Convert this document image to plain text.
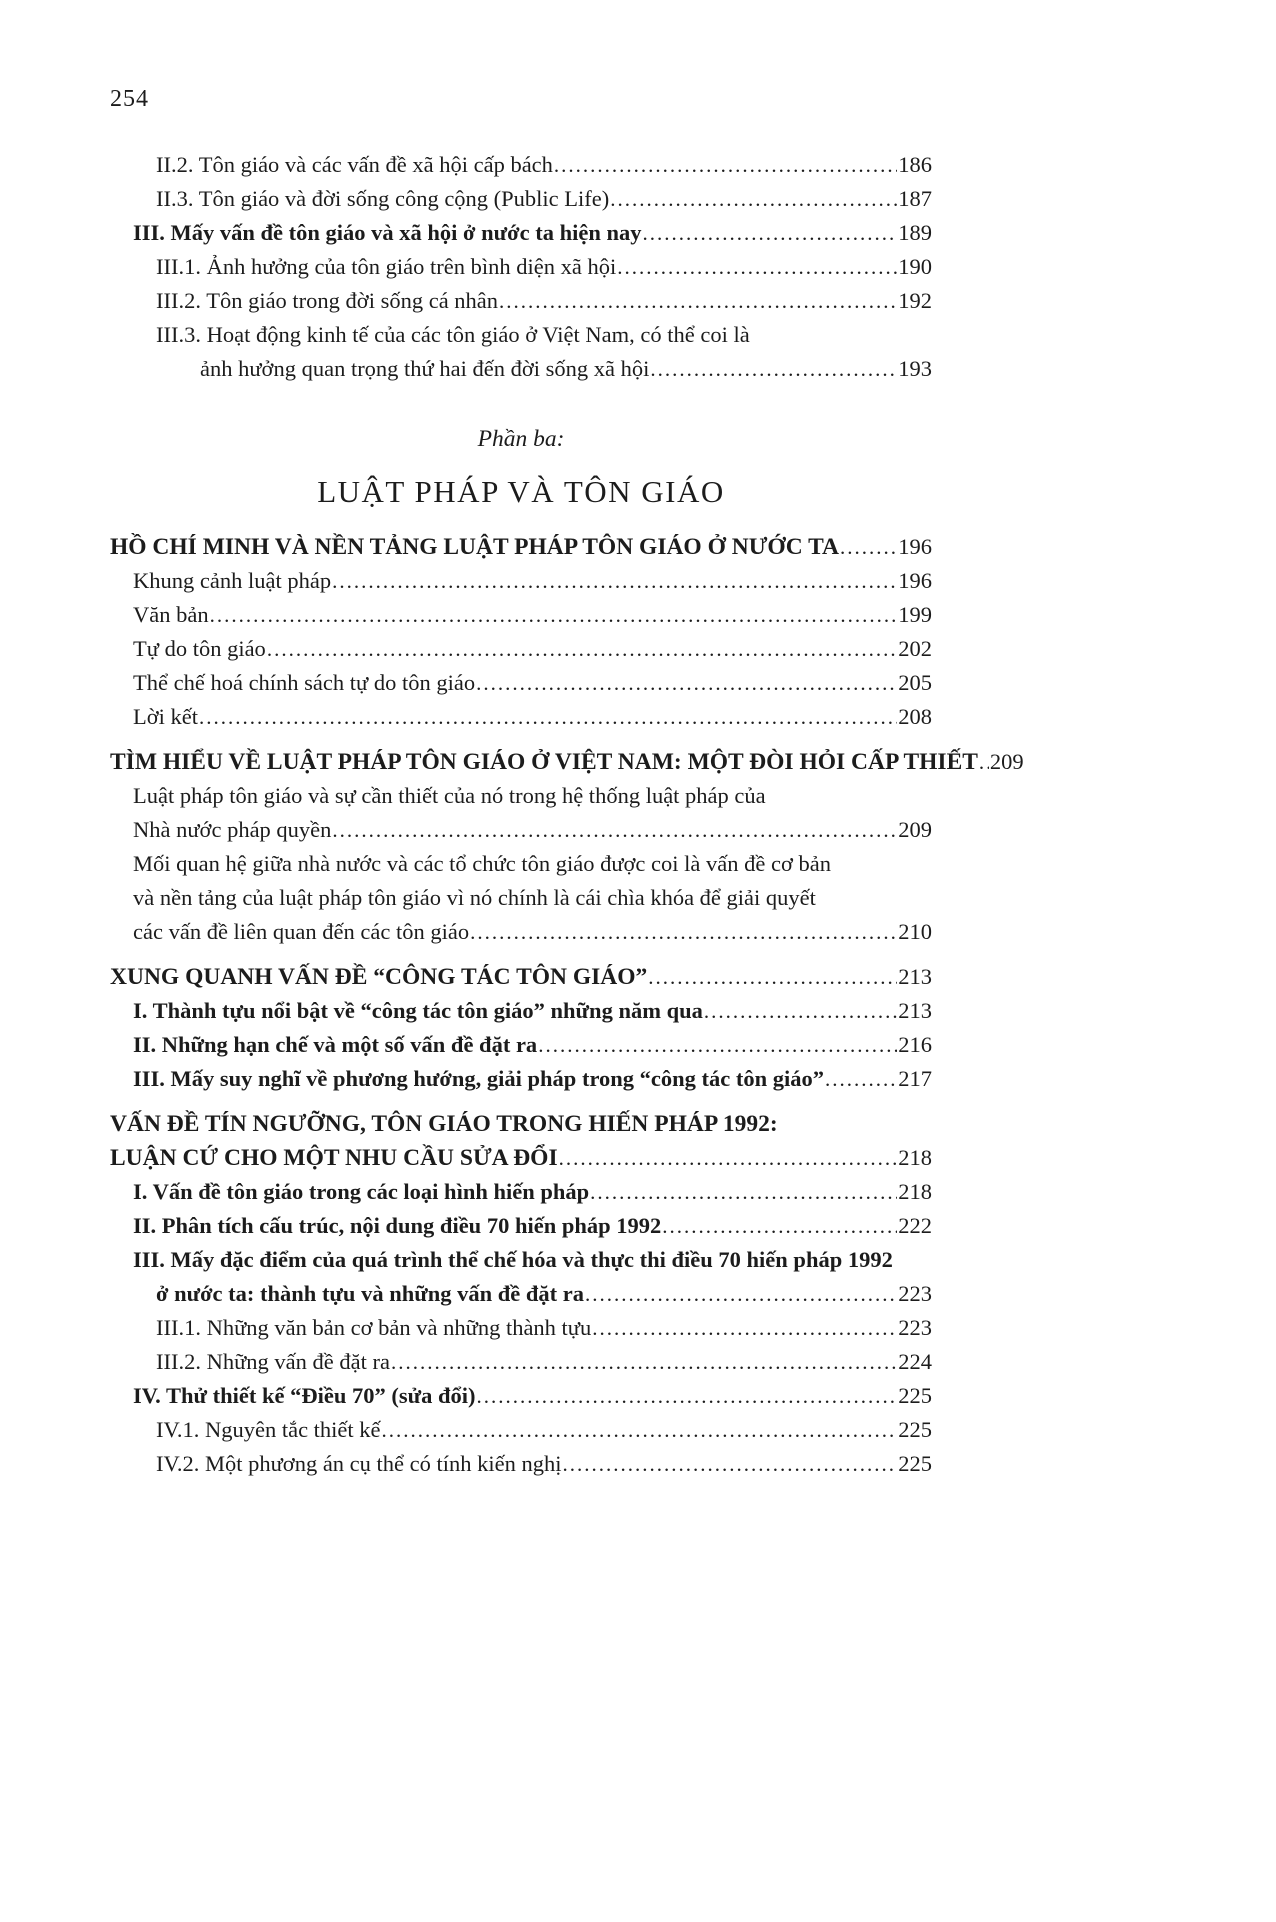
254
II.2. Tôn giáo và các vấn đề xã hội cấp bách .....	186
II.3. Tôn giáo và đời sống công cộng (Public Life) .....	187
III. Mấy vấn đề tôn giáo và xã hội ở nước ta hiện nay .....	189
III.1. Ảnh hưởng của tôn giáo trên bình diện xã hội .....	190
III.2. Tôn giáo trong đời sống cá nhân .....	192
III.3. Hoạt động kinh tế của các tôn giáo ở Việt Nam, có thể coi là
ảnh hưởng quan trọng thứ hai đến đời sống xã hội .....	193
Phần ba:
LUẬT PHÁP VÀ TÔN GIÁO
HỒ CHÍ MINH VÀ NỀN TẢNG LUẬT PHÁP TÔN GIÁO Ở NƯỚC TA .....	196
Khung cảnh luật pháp .....	196
Văn bản .....	199
Tự do tôn giáo .....	202
Thể chế hoá chính sách tự do tôn giáo .....	205
Lời kết .....	208
TÌM HIỂU VỀ LUẬT PHÁP TÔN GIÁO Ở VIỆT NAM: MỘT ĐÒI HỎI CẤP THIẾT ..... 209
Luật pháp tôn giáo và sự cần thiết của nó trong hệ thống luật pháp của
Nhà nước pháp quyền .....	209
Mối quan hệ giữa nhà nước và các tổ chức tôn giáo được coi là vấn đề cơ bản
và nền tảng của luật pháp tôn giáo vì nó chính là cái chìa khóa để giải quyết
các vấn đề liên quan đến các tôn giáo .....	210
XUNG QUANH VẤN ĐỀ “CÔNG TÁC TÔN GIÁO” .....	213
I. Thành tựu nổi bật về “công tác tôn giáo” những năm qua .....	213
II. Những hạn chế và một số vấn đề đặt ra .....	216
III. Mấy suy nghĩ về phương hướng, giải pháp trong “công tác tôn giáo” .....	217
VẤN ĐỀ TÍN NGƯỠNG, TÔN GIÁO TRONG HIẾN PHÁP 1992:
LUẬN CỨ CHO MỘT NHU CẦU SỬA ĐỔI .....	218
I. Vấn đề tôn giáo trong các loại hình hiến pháp .....	218
II. Phân tích cấu trúc, nội dung điều 70 hiến pháp 1992 .....	222
III. Mấy đặc điểm của quá trình thể chế hóa và thực thi điều 70 hiến pháp 1992
ở nước ta: thành tựu và những vấn đề đặt ra .....	223
III.1. Những văn bản cơ bản và những thành tựu .....	223
III.2. Những vấn đề đặt ra .....	224
IV. Thử thiết kế “Điều 70” (sửa đổi) .....	225
IV.1. Nguyên tắc thiết kế .....	225
IV.2. Một phương án cụ thể có tính kiến nghị .....	225
